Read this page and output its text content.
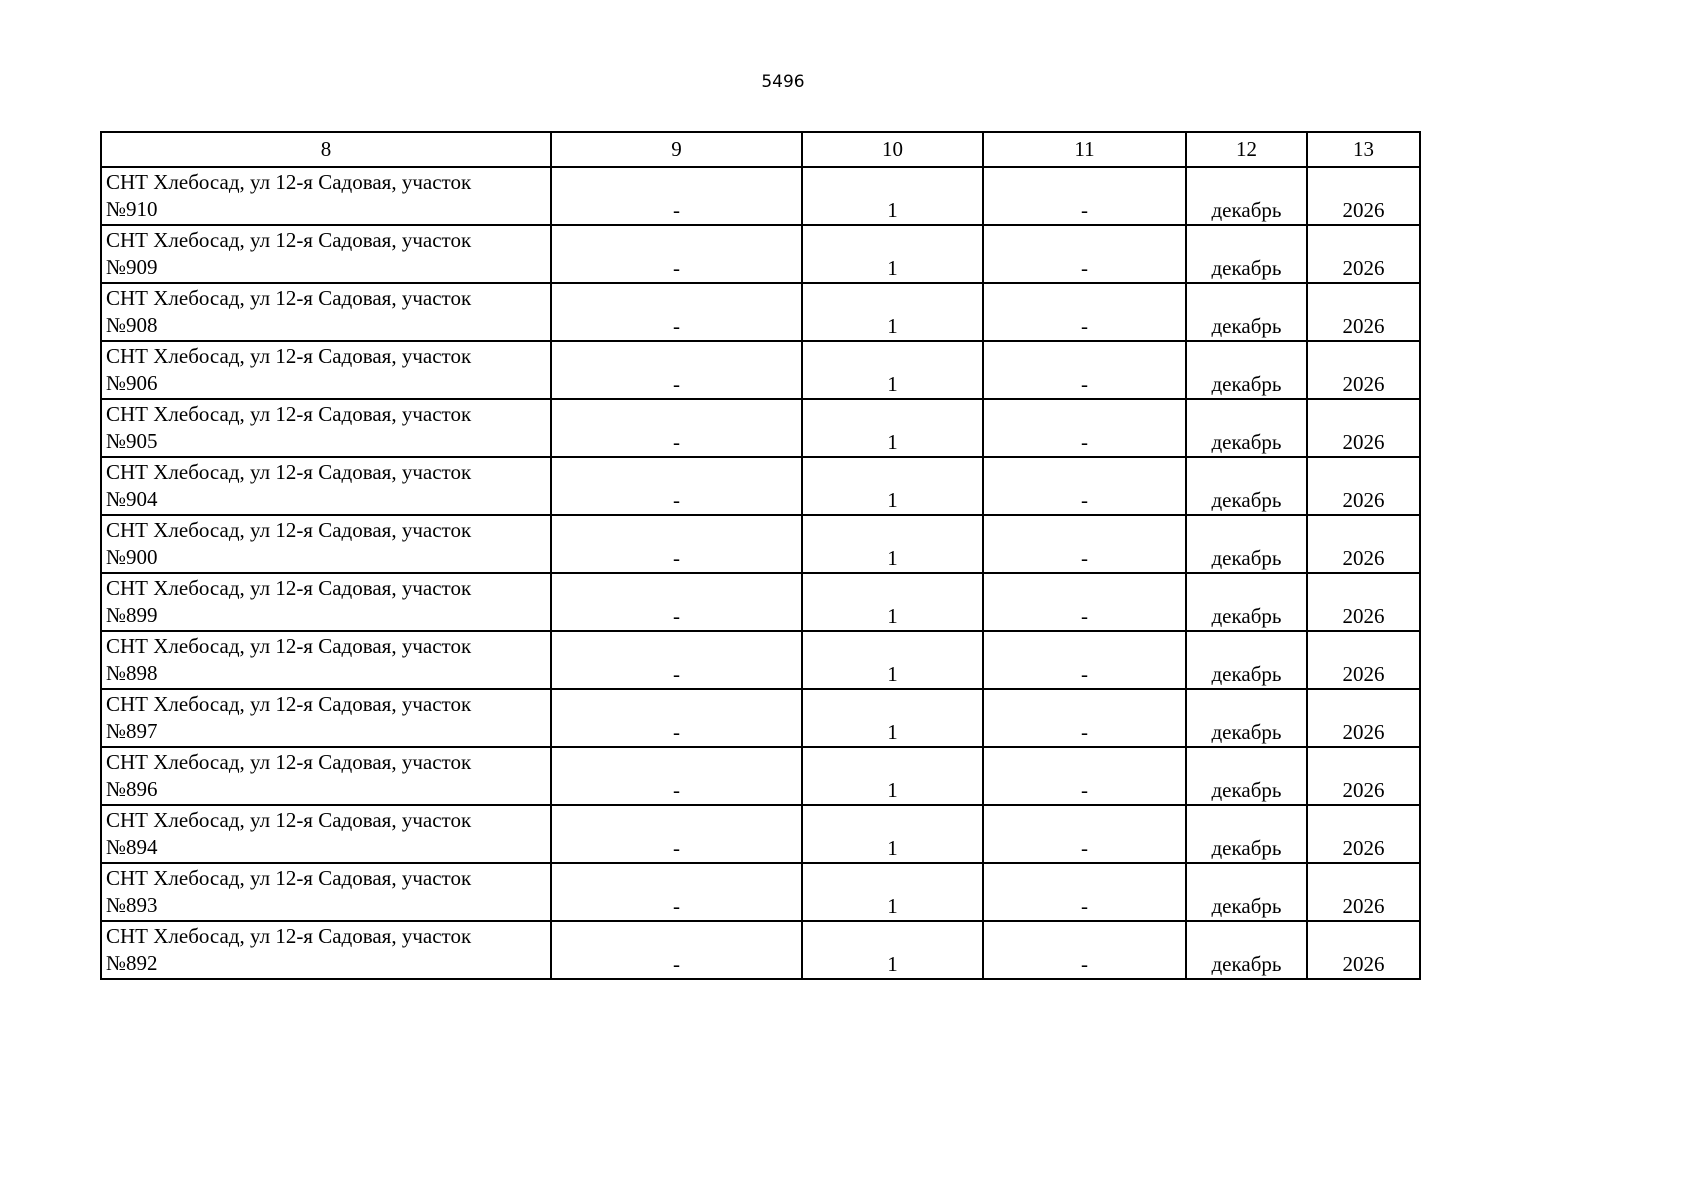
5496
8	9	10	11	12	13

СНТ Хлебосад, ул 12-я Садовая, участок
№910	-	1	-	декабрь	2026

СНТ Хлебосад, ул 12-я Садовая, участок
№909	-	1	-	декабрь	2026

СНТ Хлебосад, ул 12-я Садовая, участок
№908	-	1	-	декабрь	2026

СНТ Хлебосад, ул 12-я Садовая, участок
№906	-	1	-	декабрь	2026

СНТ Хлебосад, ул 12-я Садовая, участок
№905	-	1	-	декабрь	2026

СНТ Хлебосад, ул 12-я Садовая, участок
№904	-	1	-	декабрь	2026

СНТ Хлебосад, ул 12-я Садовая, участок
№900	-	1	-	декабрь	2026

СНТ Хлебосад, ул 12-я Садовая, участок
№899	-	1	-	декабрь	2026

СНТ Хлебосад, ул 12-я Садовая, участок
№898	-	1	-	декабрь	2026

СНТ Хлебосад, ул 12-я Садовая, участок
№897	-	1	-	декабрь	2026

СНТ Хлебосад, ул 12-я Садовая, участок
№896	-	1	-	декабрь	2026

СНТ Хлебосад, ул 12-я Садовая, участок
№894	-	1	-	декабрь	2026

СНТ Хлебосад, ул 12-я Садовая, участок
№893	-	1	-	декабрь	2026

СНТ Хлебосад, ул 12-я Садовая, участок
№892	-	1	-	декабрь	2026
